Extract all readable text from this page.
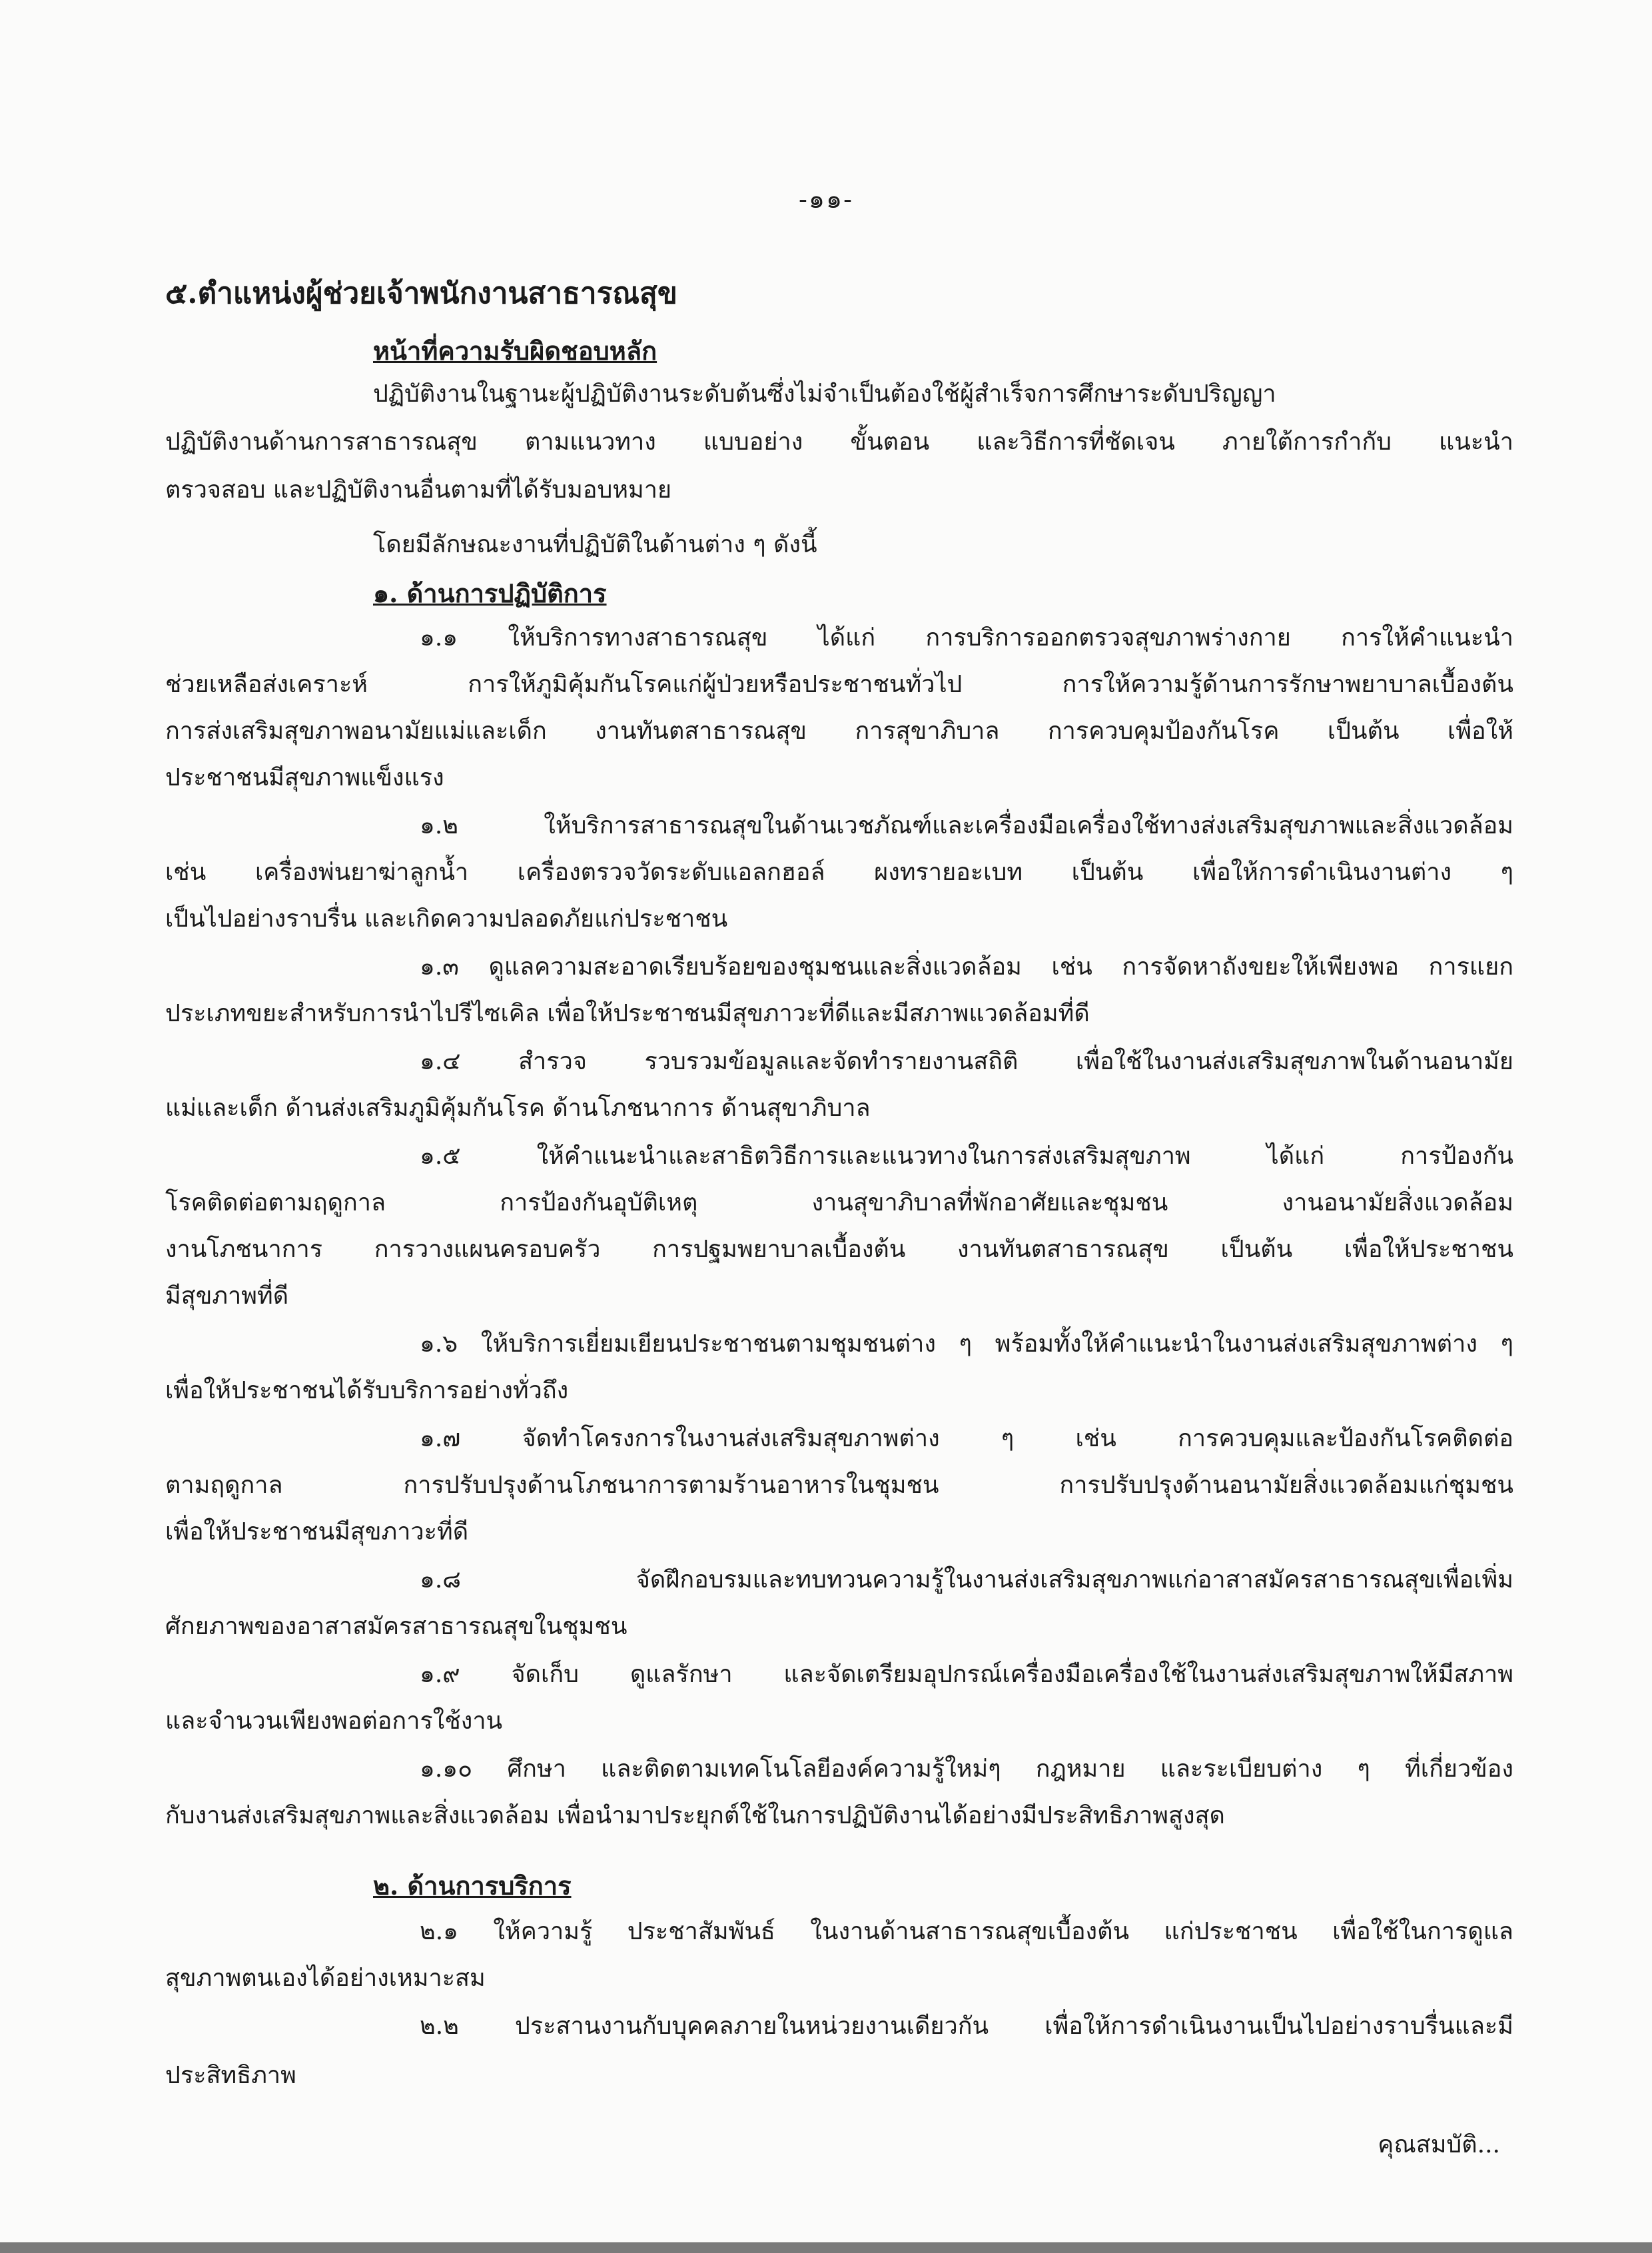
-๑๑-
๕.ตำแหน่งผู้ช่วยเจ้าพนักงานสาธารณสุข
หน้าที่ความรับผิดชอบหลัก
ปฏิบัติงานในฐานะผู้ปฏิบัติงานระดับต้นซึ่งไม่จำเป็นต้องใช้ผู้สำเร็จการศึกษาระดับปริญญา
ปฏิบัติงานด้านการสาธารณสุข ตามแนวทาง แบบอย่าง ขั้นตอน และวิธีการที่ชัดเจน ภายใต้การกำกับ แนะนำ
ตรวจสอบ และปฏิบัติงานอื่นตามที่ได้รับมอบหมาย
โดยมีลักษณะงานที่ปฏิบัติในด้านต่าง ๆ ดังนี้
๑. ด้านการปฏิบัติการ
๑.๑ ให้บริการทางสาธารณสุข ได้แก่ การบริการออกตรวจสุขภาพร่างกาย การให้คำแนะนำ
ช่วยเหลือส่งเคราะห์ การให้ภูมิคุ้มกันโรคแก่ผู้ป่วยหรือประชาชนทั่วไป การให้ความรู้ด้านการรักษาพยาบาลเบื้องต้น
การส่งเสริมสุขภาพอนามัยแม่และเด็ก งานทันตสาธารณสุข การสุขาภิบาล การควบคุมป้องกันโรค เป็นต้น เพื่อให้
ประชาชนมีสุขภาพแข็งแรง
๑.๒ ให้บริการสาธารณสุขในด้านเวชภัณฑ์และเครื่องมือเครื่องใช้ทางส่งเสริมสุขภาพและสิ่งแวดล้อม
เช่น เครื่องพ่นยาฆ่าลูกน้ำ เครื่องตรวจวัดระดับแอลกฮอล์ ผงทรายอะเบท เป็นต้น เพื่อให้การดำเนินงานต่าง ๆ
เป็นไปอย่างราบรื่น และเกิดความปลอดภัยแก่ประชาชน
๑.๓ ดูแลความสะอาดเรียบร้อยของชุมชนและสิ่งแวดล้อม เช่น การจัดหาถังขยะให้เพียงพอ การแยก
ประเภทขยะสำหรับการนำไปรีไซเคิล เพื่อให้ประชาชนมีสุขภาวะที่ดีและมีสภาพแวดล้อมที่ดี
๑.๔ สำรวจ รวบรวมข้อมูลและจัดทำรายงานสถิติ เพื่อใช้ในงานส่งเสริมสุขภาพในด้านอนามัย
แม่และเด็ก ด้านส่งเสริมภูมิคุ้มกันโรค ด้านโภชนาการ ด้านสุขาภิบาล
๑.๕ ให้คำแนะนำและสาธิตวิธีการและแนวทางในการส่งเสริมสุขภาพ ได้แก่ การป้องกัน
โรคติดต่อตามฤดูกาล การป้องกันอุบัติเหตุ งานสุขาภิบาลที่พักอาศัยและชุมชน งานอนามัยสิ่งแวดล้อม
งานโภชนาการ การวางแผนครอบครัว การปฐมพยาบาลเบื้องต้น งานทันตสาธารณสุข เป็นต้น เพื่อให้ประชาชน
มีสุขภาพที่ดี
๑.๖ ให้บริการเยี่ยมเยียนประชาชนตามชุมชนต่าง ๆ พร้อมทั้งให้คำแนะนำในงานส่งเสริมสุขภาพต่าง ๆ
เพื่อให้ประชาชนได้รับบริการอย่างทั่วถึง
๑.๗ จัดทำโครงการในงานส่งเสริมสุขภาพต่าง ๆ เช่น การควบคุมและป้องกันโรคติดต่อ
ตามฤดูกาล การปรับปรุงด้านโภชนาการตามร้านอาหารในชุมชน การปรับปรุงด้านอนามัยสิ่งแวดล้อมแก่ชุมชน
เพื่อให้ประชาชนมีสุขภาวะที่ดี
๑.๘ จัดฝึกอบรมและทบทวนความรู้ในงานส่งเสริมสุขภาพแก่อาสาสมัครสาธารณสุขเพื่อเพิ่ม
ศักยภาพของอาสาสมัครสาธารณสุขในชุมชน
๑.๙ จัดเก็บ ดูแลรักษา และจัดเตรียมอุปกรณ์เครื่องมือเครื่องใช้ในงานส่งเสริมสุขภาพให้มีสภาพ
และจำนวนเพียงพอต่อการใช้งาน
๑.๑๐ ศึกษา และติดตามเทคโนโลยีองค์ความรู้ใหม่ๆ กฎหมาย และระเบียบต่าง ๆ ที่เกี่ยวข้อง
กับงานส่งเสริมสุขภาพและสิ่งแวดล้อม เพื่อนำมาประยุกต์ใช้ในการปฏิบัติงานได้อย่างมีประสิทธิภาพสูงสุด
๒. ด้านการบริการ
๒.๑ ให้ความรู้ ประชาสัมพันธ์ ในงานด้านสาธารณสุขเบื้องต้น แก่ประชาชน เพื่อใช้ในการดูแล
สุขภาพตนเองได้อย่างเหมาะสม
๒.๒ ประสานงานกับบุคคลภายในหน่วยงานเดียวกัน เพื่อให้การดำเนินงานเป็นไปอย่างราบรื่นและมี
ประสิทธิภาพ
คุณสมบัติ...
